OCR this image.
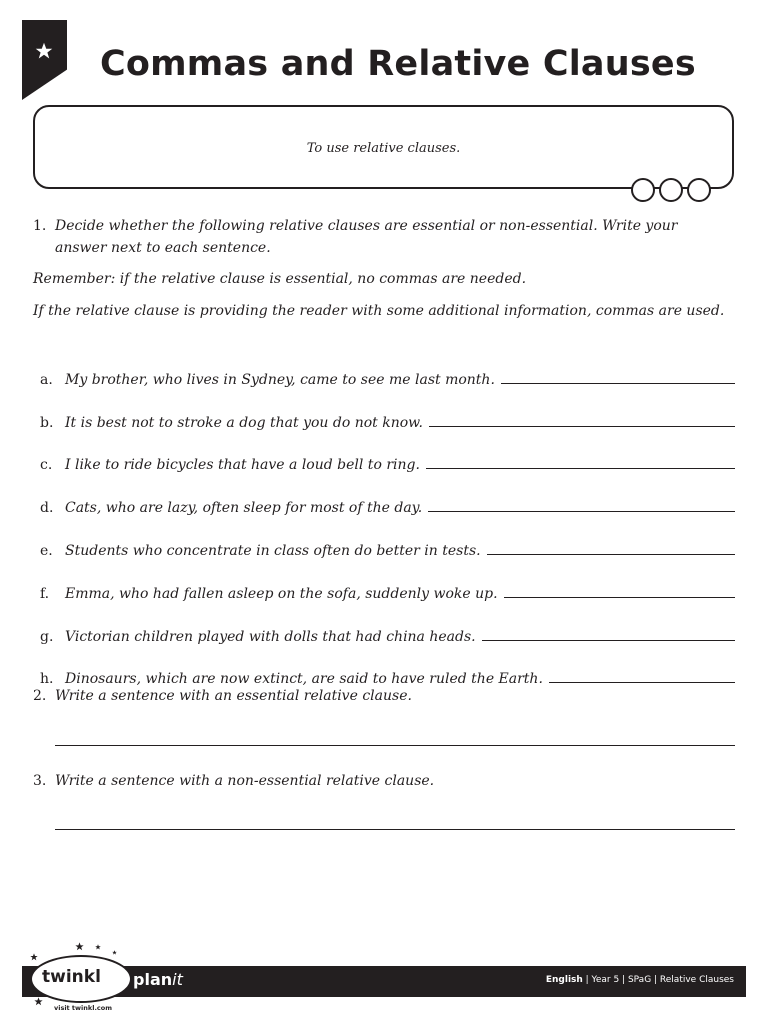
Commas and Relative Clauses
To use relative clauses.
1. Decide whether the following relative clauses are essential or non-essential. Write your
answer next to each sentence.
Remember: if the relative clause is essential, no commas are needed.
If the relative clause is providing the reader with some additional information, commas are used.
a. My brother, who lives in Sydney, came to see me last month.
b. It is best not to stroke a dog that you do not know.
c. I like to ride bicycles that have a loud bell to ring.
d. Cats, who are lazy, often sleep for most of the day.
e. Students who concentrate in class often do better in tests.
f.	Emma, who had fallen asleep on the sofa, suddenly woke up.
g. Victorian children played with dolls that had china heads.
h. Dinosaurs, which are now extinct, are said to have ruled the Earth.
2. Write a sentence with an essential relative clause.
3. Write a sentence with a non-essential relative clause.
English | Year 5 | SPaG | Relative Clauses
twinkl planit
visit twinkl.com
